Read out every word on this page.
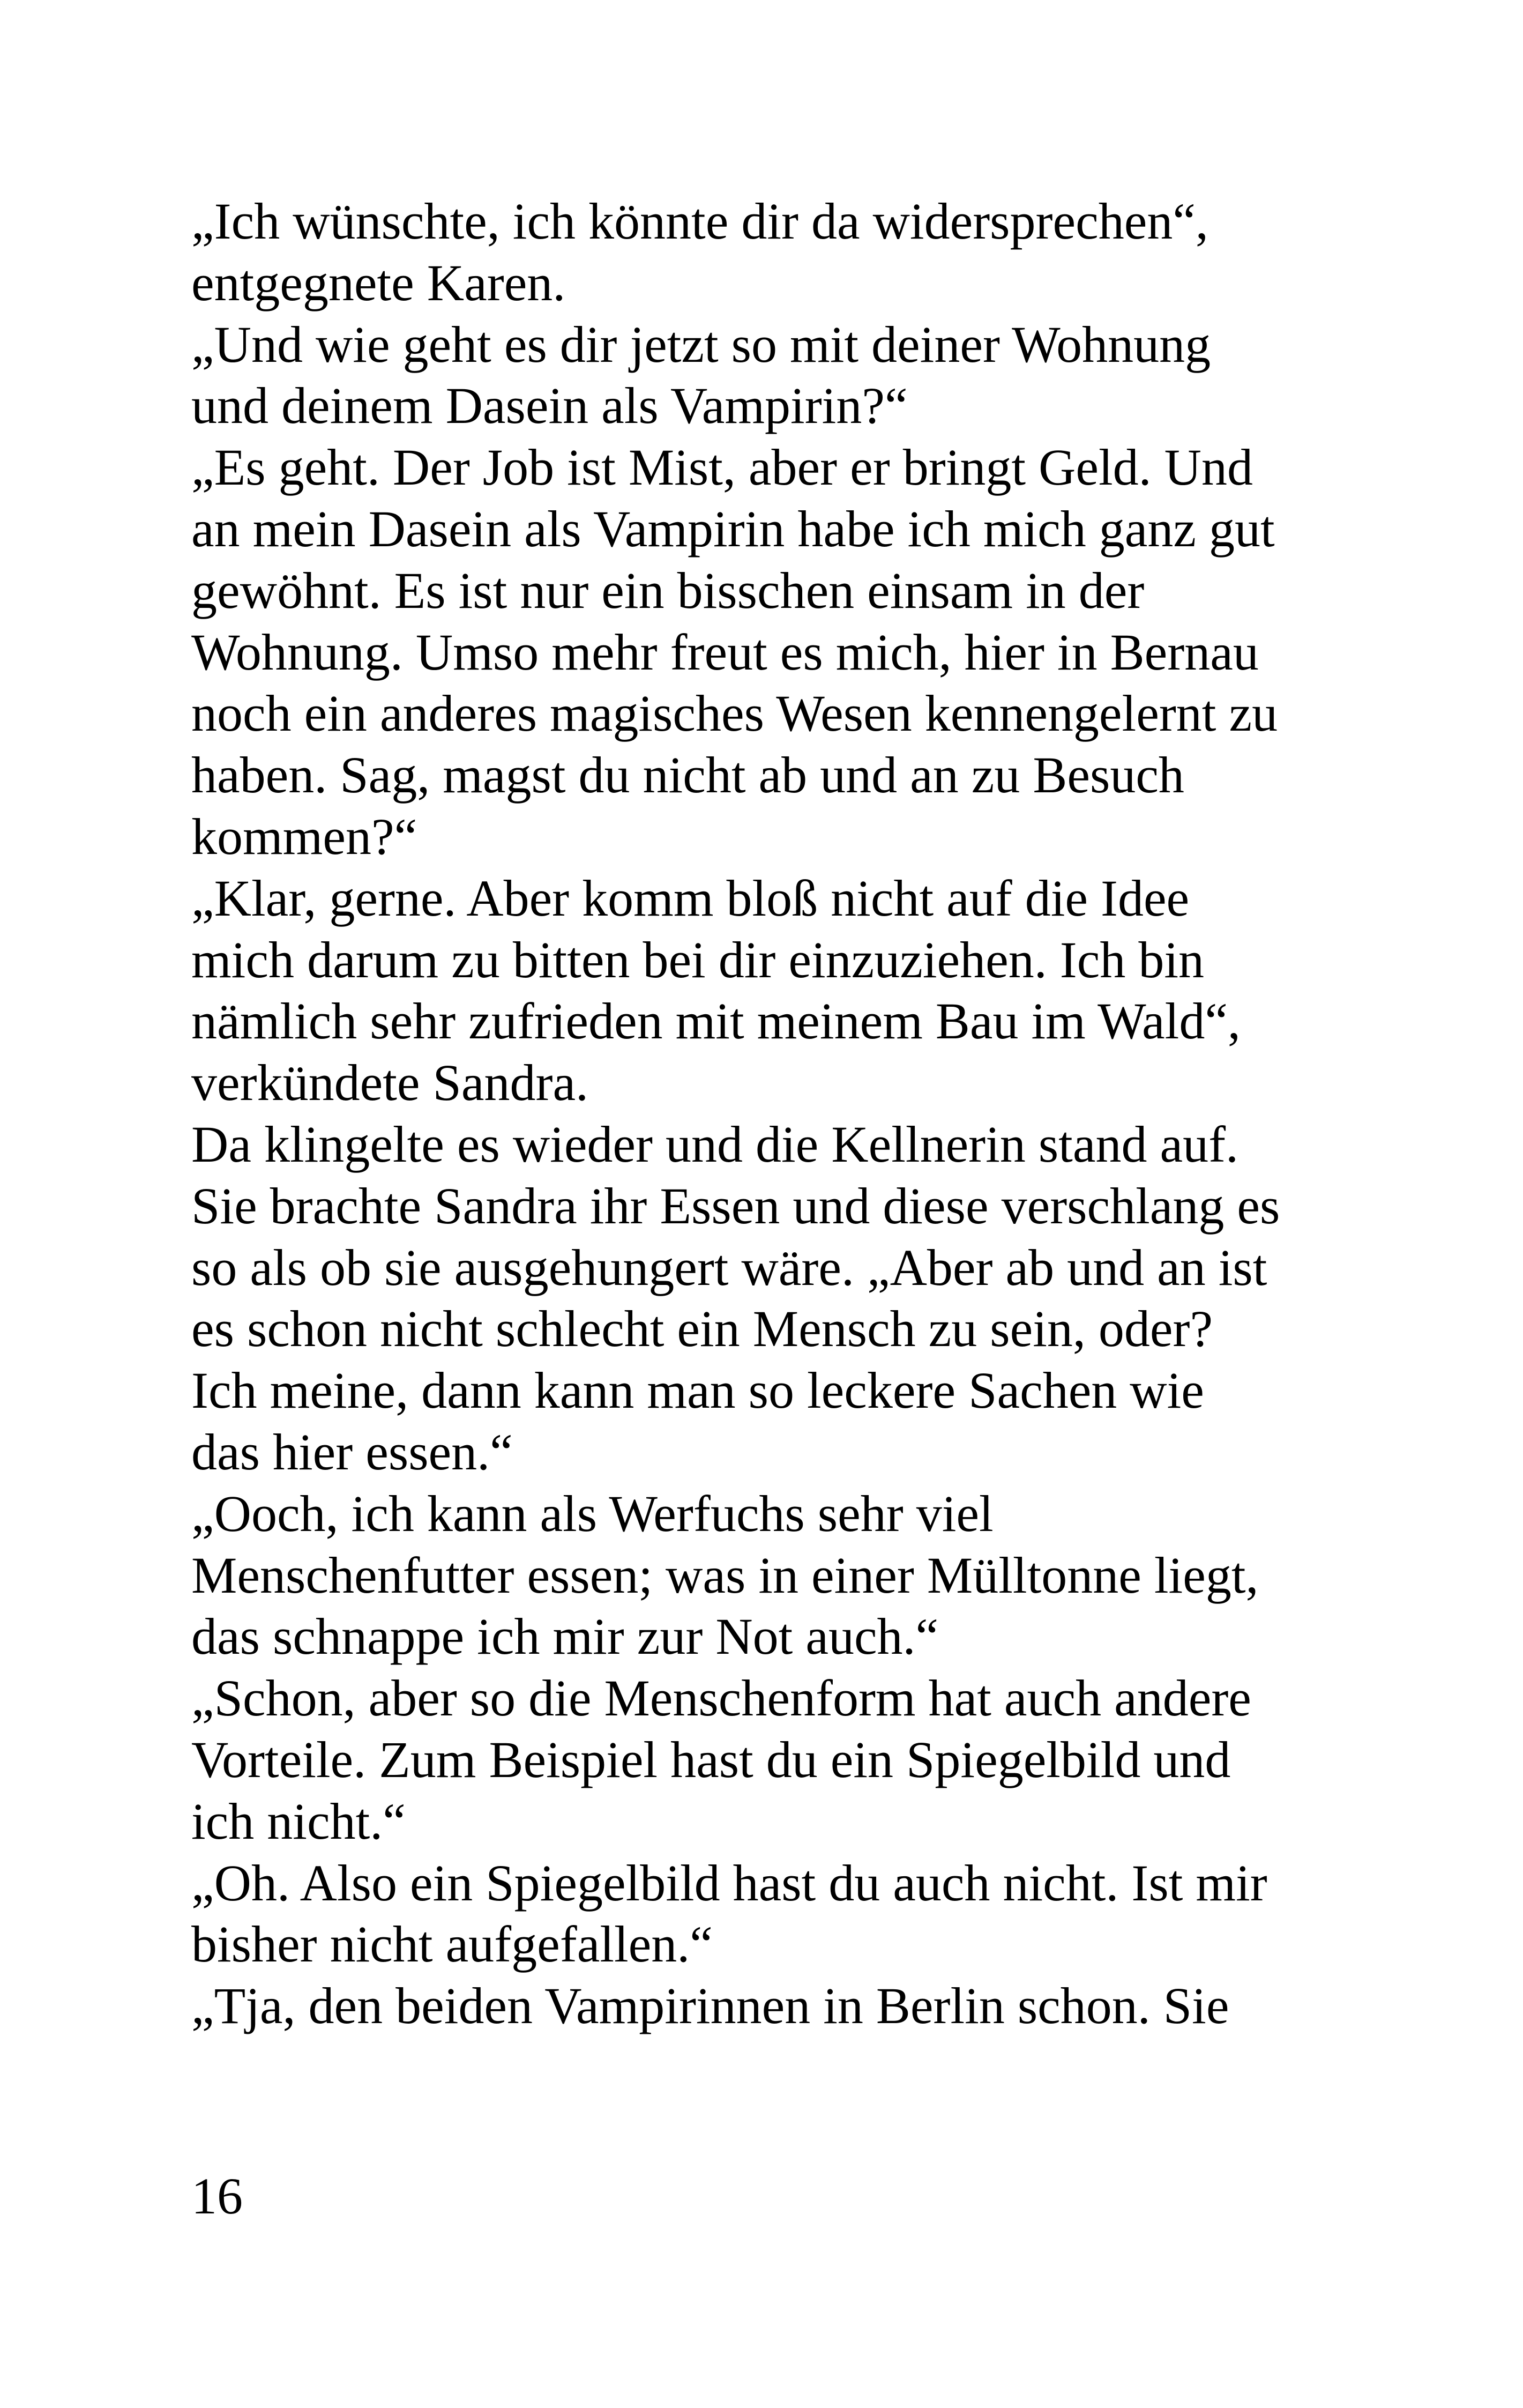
„Ich wünschte, ich könnte dir da widersprechen“,
entgegnete Karen.
„Und wie geht es dir jetzt so mit deiner Wohnung
und deinem Dasein als Vampirin?“
„Es geht. Der Job ist Mist, aber er bringt Geld. Und
an mein Dasein als Vampirin habe ich mich ganz gut
gewöhnt. Es ist nur ein bisschen einsam in der
Wohnung. Umso mehr freut es mich, hier in Bernau
noch ein anderes magisches Wesen kennengelernt zu
haben. Sag, magst du nicht ab und an zu Besuch
kommen?“
„Klar, gerne. Aber komm bloß nicht auf die Idee
mich darum zu bitten bei dir einzuziehen. Ich bin
nämlich sehr zufrieden mit meinem Bau im Wald“,
verkündete Sandra.
Da klingelte es wieder und die Kellnerin stand auf.
Sie brachte Sandra ihr Essen und diese verschlang es
so als ob sie ausgehungert wäre. „Aber ab und an ist
es schon nicht schlecht ein Mensch zu sein, oder?
Ich meine, dann kann man so leckere Sachen wie
das hier essen.“
„Ooch, ich kann als Werfuchs sehr viel
Menschenfutter essen; was in einer Mülltonne liegt,
das schnappe ich mir zur Not auch.“
„Schon, aber so die Menschenform hat auch andere
Vorteile. Zum Beispiel hast du ein Spiegelbild und
ich nicht.“
„Oh. Also ein Spiegelbild hast du auch nicht. Ist mir
bisher nicht aufgefallen.“
„Tja, den beiden Vampirinnen in Berlin schon. Sie
16
